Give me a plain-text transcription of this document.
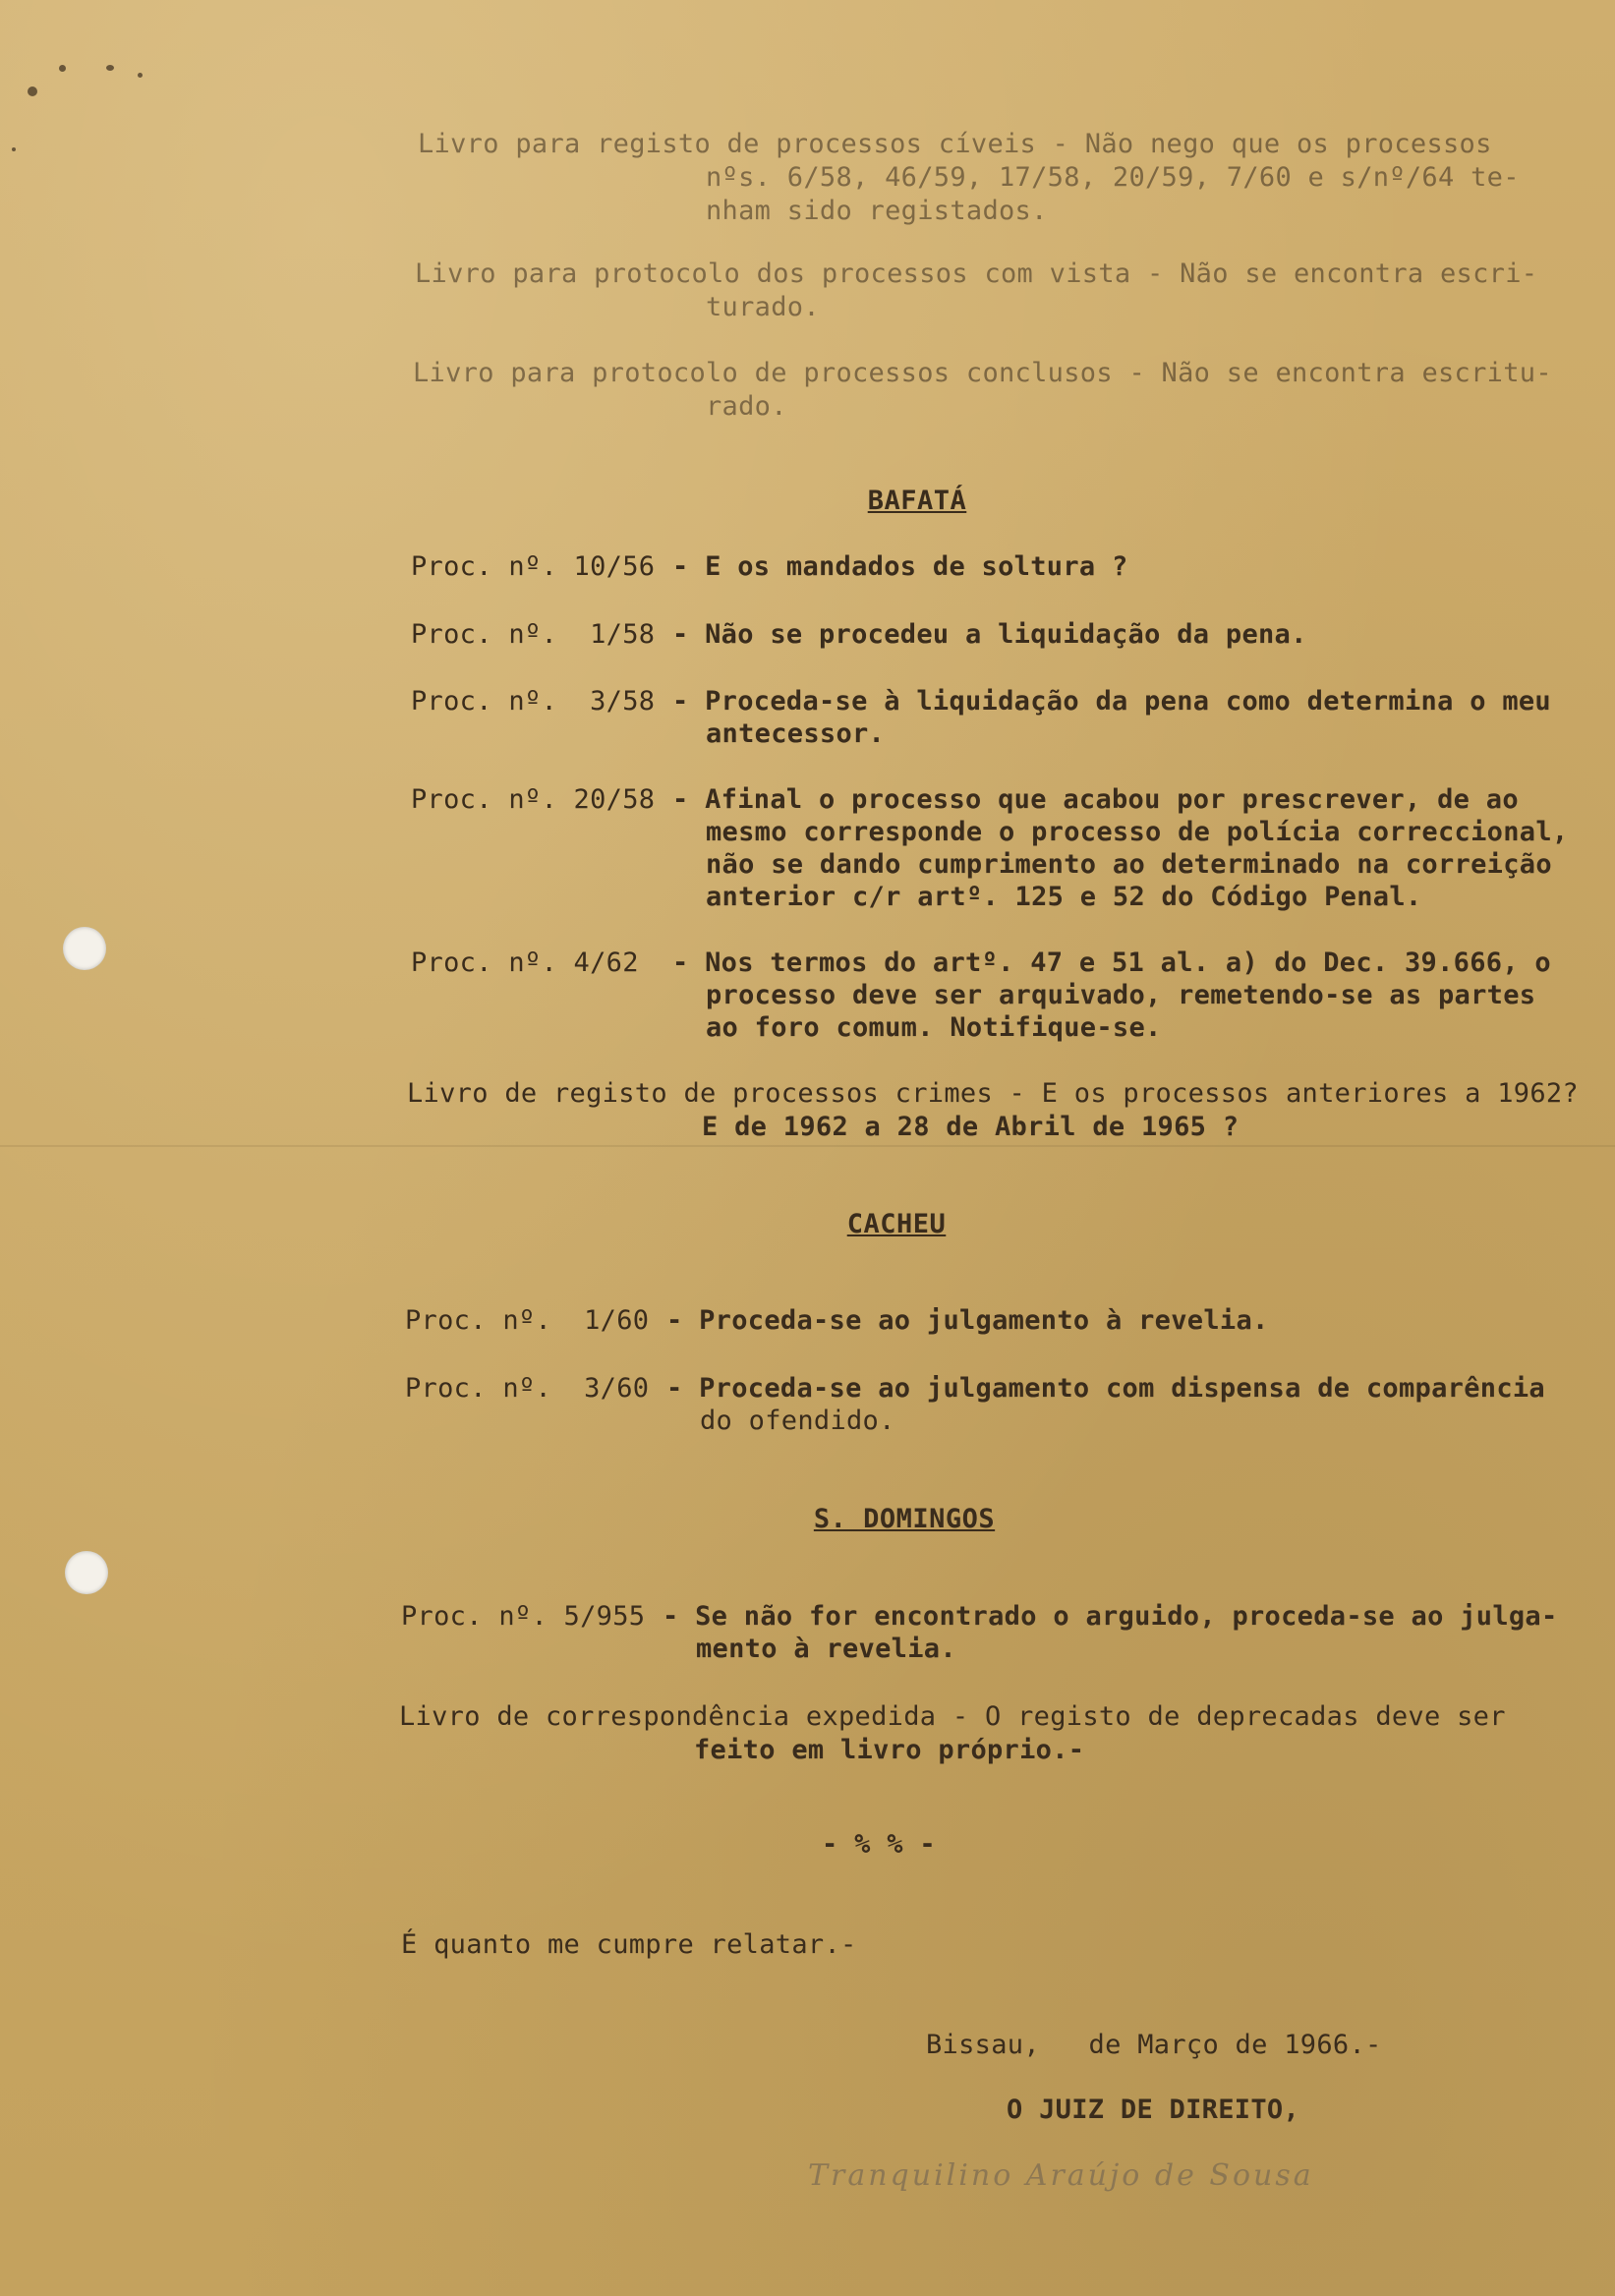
Livro para registo de processos cíveis - Não nego que os processos
nºs. 6/58, 46/59, 17/58, 20/59, 7/60 e s/nº/64 te-
nham sido registados.
Livro para protocolo dos processos com vista - Não se encontra escri-
turado.
Livro para protocolo de processos conclusos - Não se encontra escritu-
rado.
BAFATÁ
Proc. nº. 10/56 - E os mandados de soltura ?
Proc. nº.  1/58 - Não se procedeu a liquidação da pena.
Proc. nº.  3/58 - Proceda-se à liquidação da pena como determina o meu
antecessor.
Proc. nº. 20/58 - Afinal o processo que acabou por prescrever, de ao
mesmo corresponde o processo de polícia correccional,
não se dando cumprimento ao determinado na correição
anterior c/r artº. 125 e 52 do Código Penal.
Proc. nº. 4/62 - Nos termos do artº. 47 e 51 al. a) do Dec. 39.666, o
processo deve ser arquivado, remetendo-se as partes
ao foro comum. Notifique-se.
Livro de registo de processos crimes - E os processos anteriores a 1962?
E de 1962 a 28 de Abril de 1965 ?
CACHEU
Proc. nº.  1/60 - Proceda-se ao julgamento à revelia.
Proc. nº.  3/60 - Proceda-se ao julgamento com dispensa de comparência
do ofendido.
S. DOMINGOS
Proc. nº. 5/955 - Se não for encontrado o arguido, proceda-se ao julga-
mento à revelia.
Livro de correspondência expedida - O registo de deprecadas deve ser
feito em livro próprio.-
- % % -
É quanto me cumpre relatar.-
Bissau,   de Março de 1966.-
O JUIZ DE DIREITO,
Tranquilino Araújo de Sousa
